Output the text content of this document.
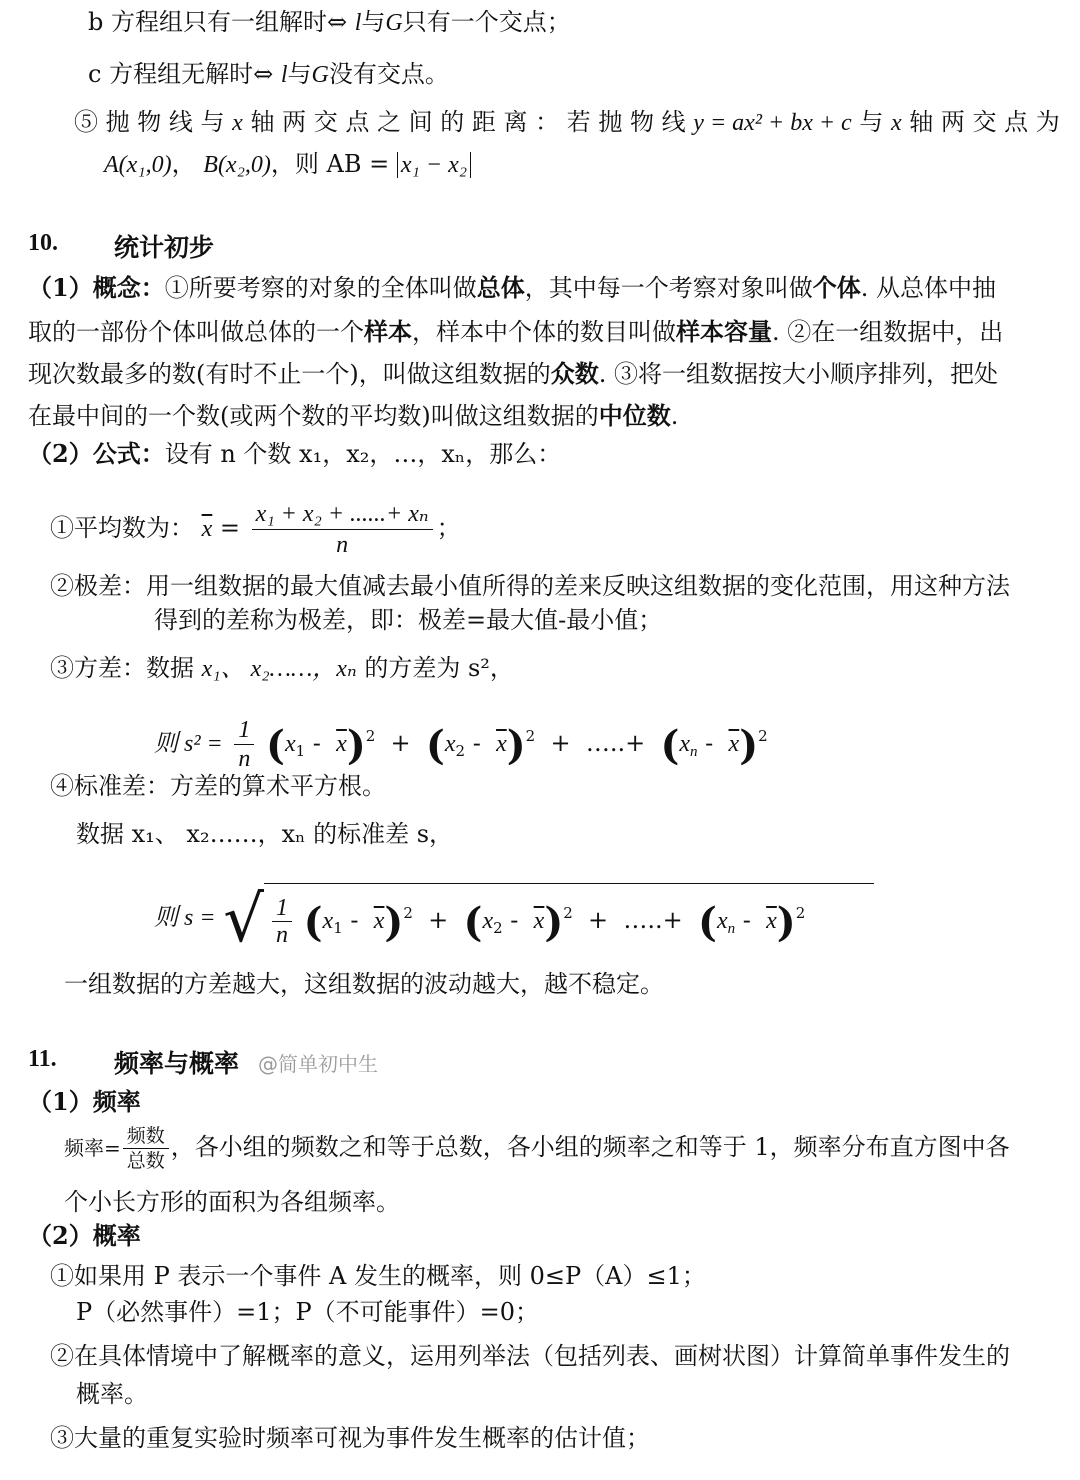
b 方程组只有一组解时⇔ l与G只有一个交点；
c 方程组无解时⇔ l与G没有交点。
⑤ 抛 物 线 与 x 轴 两 交 点 之 间 的 距 离 ： 若 抛 物 线 y = ax² + bx + c 与 x 轴 两 交 点 为
A(x₁,0)， B(x₂,0)，则 AB = x₁ − x₂
10. 统计初步
（1）概念：①所要考察的对象的全体叫做总体，其中每一个考察对象叫做个体. 从总体中抽
取的一部份个体叫做总体的一个样本，样本中个体的数目叫做样本容量. ②在一组数据中，出
现次数最多的数(有时不止一个)，叫做这组数据的众数. ③将一组数据按大小顺序排列，把处
在最中间的一个数(或两个数的平均数)叫做这组数据的中位数.
（2）公式：设有 n 个数 x₁，x₂，…，xₙ，那么：
①平均数为： $\overline{x} = \frac{\text{x₁ + x₂ + ......+ xₙ}}{n}$ ；
②极差：用一组数据的最大值减去最小值所得的差来反映这组数据的变化范围，用这种方法
得到的差称为极差，即：极差=最大值-最小值；
③方差：数据 x₁、 x₂……，xₙ 的方差为 s²，
则 $s^2 = \frac{1}{n} (x_1 - \overline{x})^2 + (x_2 - \overline{x})^2$  +  …..+  $(x_n - \overline{x})^2$
④标准差：方差的算术平方根。
数据 x₁、 x₂……，xₙ 的标准差 s，
则 s = √ $\frac{1}{n} (x_1 - \overline{x})^2 + (x_2 - \overline{x})^2$  +  …..+  $(x_n - \overline{x})^2$
一组数据的方差越大，这组数据的波动越大，越不稳定。
11. 频率与概率 @简单初中生
（1）频率
频率= $\frac{\text{频数}}{\text{总数}}$ ，各小组的频数之和等于总数，各小组的频率之和等于 1，频率分布直方图中各
个小长方形的面积为各组频率。
（2）概率
①如果用 P 表示一个事件 A 发生的概率，则 0≤P（A）≤1；
P（必然事件）=1；P（不可能事件）=0；
②在具体情境中了解概率的意义，运用列举法（包括列表、画树状图）计算简单事件发生的
概率。
③大量的重复实验时频率可视为事件发生概率的估计值；
